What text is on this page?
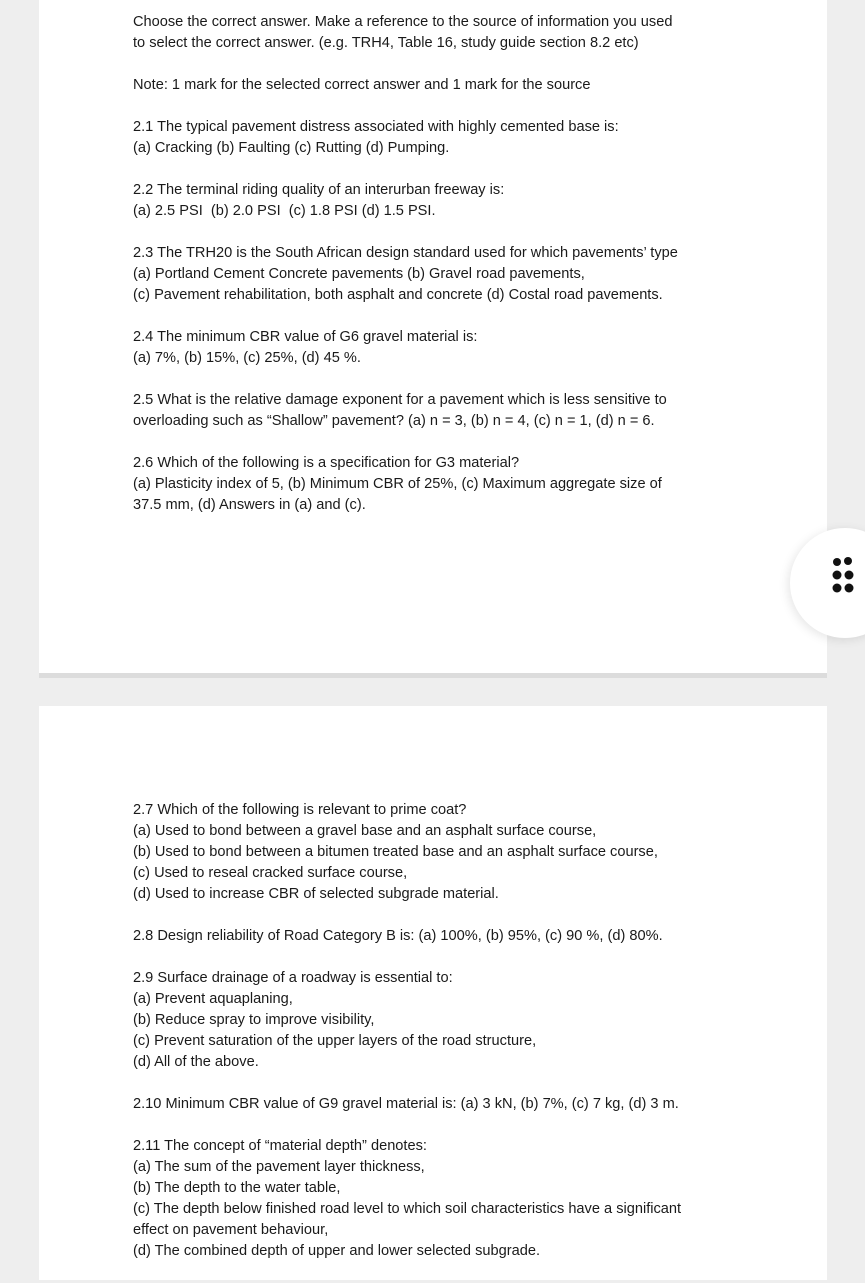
Choose the correct answer. Make a reference to the source of information you used
to select the correct answer. (e.g. TRH4, Table 16, study guide section 8.2 etc)

Note: 1 mark for the selected correct answer and 1 mark for the source

2.1 The typical pavement distress associated with highly cemented base is:
(a) Cracking (b) Faulting (c) Rutting (d) Pumping.

2.2 The terminal riding quality of an interurban freeway is:
(a) 2.5 PSI  (b) 2.0 PSI  (c) 1.8 PSI (d) 1.5 PSI.

2.3 The TRH20 is the South African design standard used for which pavements’ type
(a) Portland Cement Concrete pavements (b) Gravel road pavements,
(c) Pavement rehabilitation, both asphalt and concrete (d) Costal road pavements.

2.4 The minimum CBR value of G6 gravel material is:
(a) 7%, (b) 15%, (c) 25%, (d) 45 %.

2.5 What is the relative damage exponent for a pavement which is less sensitive to
overloading such as “Shallow” pavement? (a) n = 3, (b) n = 4, (c) n = 1, (d) n = 6.

2.6 Which of the following is a specification for G3 material?
(a) Plasticity index of 5, (b) Minimum CBR of 25%, (c) Maximum aggregate size of
37.5 mm, (d) Answers in (a) and (c).

2.7 Which of the following is relevant to prime coat?
(a) Used to bond between a gravel base and an asphalt surface course,
(b) Used to bond between a bitumen treated base and an asphalt surface course,
(c) Used to reseal cracked surface course,
(d) Used to increase CBR of selected subgrade material.

2.8 Design reliability of Road Category B is: (a) 100%, (b) 95%, (c) 90 %, (d) 80%.

2.9 Surface drainage of a roadway is essential to:
(a) Prevent aquaplaning,
(b) Reduce spray to improve visibility,
(c) Prevent saturation of the upper layers of the road structure,
(d) All of the above.

2.10 Minimum CBR value of G9 gravel material is: (a) 3 kN, (b) 7%, (c) 7 kg, (d) 3 m.

2.11 The concept of “material depth” denotes:
(a) The sum of the pavement layer thickness,
(b) The depth to the water table,
(c) The depth below finished road level to which soil characteristics have a significant
effect on pavement behaviour,
(d) The combined depth of upper and lower selected subgrade.
